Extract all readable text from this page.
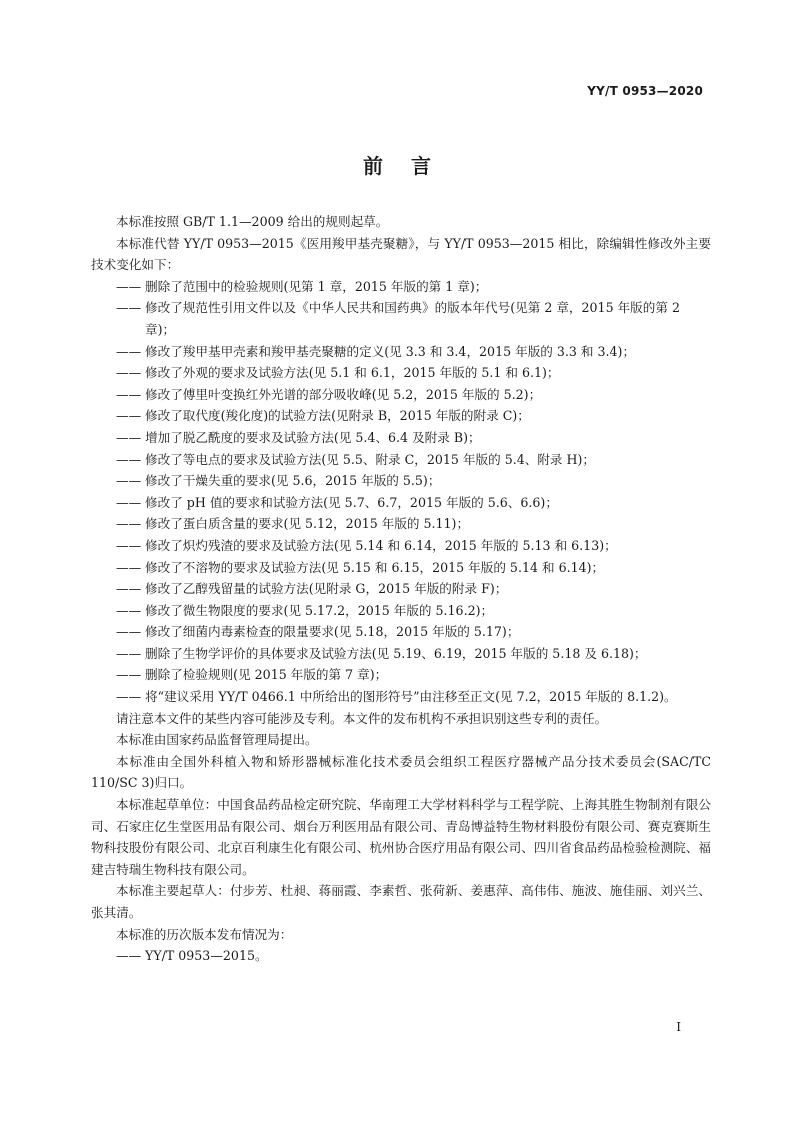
YY/T 0953—2020
前言

本标准按照 GB/T 1.1—2009 给出的规则起草。

本标准代替 YY/T 0953—2015《医用羧甲基壳聚糖》，与 YY/T 0953—2015 相比，除编辑性修改外主要技术变化如下：

—— 删除了范围中的检验规则(见第 1 章，2015 年版的第 1 章)；

—— 修改了规范性引用文件以及《中华人民共和国药典》的版本年代号(见第 2 章，2015 年版的第 2 章)；

—— 修改了羧甲基甲壳素和羧甲基壳聚糖的定义(见 3.3 和 3.4，2015 年版的 3.3 和 3.4)；

—— 修改了外观的要求及试验方法(见 5.1 和 6.1，2015 年版的 5.1 和 6.1)；

—— 修改了傅里叶变换红外光谱的部分吸收峰(见 5.2，2015 年版的 5.2)；

—— 修改了取代度(羧化度)的试验方法(见附录 B，2015 年版的附录 C)；

—— 增加了脱乙酰度的要求及试验方法(见 5.4、6.4 及附录 B)；

—— 修改了等电点的要求及试验方法(见 5.5、附录 C，2015 年版的 5.4、附录 H)；

—— 修改了干燥失重的要求(见 5.6，2015 年版的 5.5)；

—— 修改了 pH 值的要求和试验方法(见 5.7、6.7，2015 年版的 5.6、6.6)；

—— 修改了蛋白质含量的要求(见 5.12，2015 年版的 5.11)；

—— 修改了炽灼残渣的要求及试验方法(见 5.14 和 6.14，2015 年版的 5.13 和 6.13)；

—— 修改了不溶物的要求及试验方法(见 5.15 和 6.15，2015 年版的 5.14 和 6.14)；

—— 修改了乙醇残留量的试验方法(见附录 G，2015 年版的附录 F)；

—— 修改了微生物限度的要求(见 5.17.2，2015 年版的 5.16.2)；

—— 修改了细菌内毒素检查的限量要求(见 5.18，2015 年版的 5.17)；

—— 删除了生物学评价的具体要求及试验方法(见 5.19、6.19，2015 年版的 5.18 及 6.18)；

—— 删除了检验规则(见 2015 年版的第 7 章)；

—— 将“建议采用 YY/T 0466.1 中所给出的图形符号”由注移至正文(见 7.2，2015 年版的 8.1.2)。

请注意本文件的某些内容可能涉及专利。本文件的发布机构不承担识别这些专利的责任。

本标准由国家药品监督管理局提出。

本标准由全国外科植入物和矫形器械标准化技术委员会组织工程医疗器械产品分技术委员会(SAC/TC 110/SC 3)归口。

本标准起草单位：中国食品药品检定研究院、华南理工大学材料科学与工程学院、上海其胜生物制剂有限公司、石家庄亿生堂医用品有限公司、烟台万利医用品有限公司、青岛博益特生物材料股份有限公司、赛克赛斯生物科技股份有限公司、北京百利康生化有限公司、杭州协合医疗用品有限公司、四川省食品药品检验检测院、福建吉特瑞生物科技有限公司。

本标准主要起草人：付步芳、杜昶、蒋丽霞、李素哲、张荷新、姜惠萍、高伟伟、施波、施佳丽、刘兴兰、张其清。

本标准的历次版本发布情况为：

—— YY/T 0953—2015。

I
